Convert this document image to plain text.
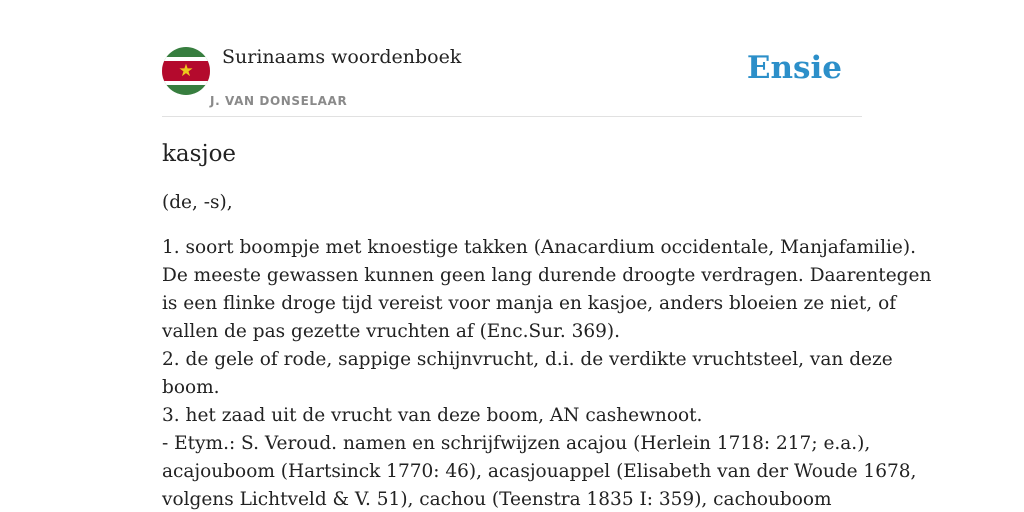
★
Surinaams woordenboek
J. VAN DONSELAAR
Ensie
kasjoe

(de, -s),

1. soort boompje met knoestige takken (Anacardium occidentale, Manjafamilie).
De meeste gewassen kunnen geen lang durende droogte verdragen. Daarentegen
is een flinke droge tijd vereist voor manja en kasjoe, anders bloeien ze niet, of
vallen de pas gezette vruchten af (Enc.Sur. 369).
2. de gele of rode, sappige schijnvrucht, d.i. de verdikte vruchtsteel, van deze
boom.
3. het zaad uit de vrucht van deze boom, AN cashewnoot.
- Etym.: S. Veroud. namen en schrijfwijzen acajou (Herlein 1718: 217; e.a.),
acajouboom (Hartsinck 1770: 46), acasjouappel (Elisabeth van der Woude 1678,
volgens Lichtveld & V. 51), cachou (Teenstra 1835 I: 359), cachouboom
